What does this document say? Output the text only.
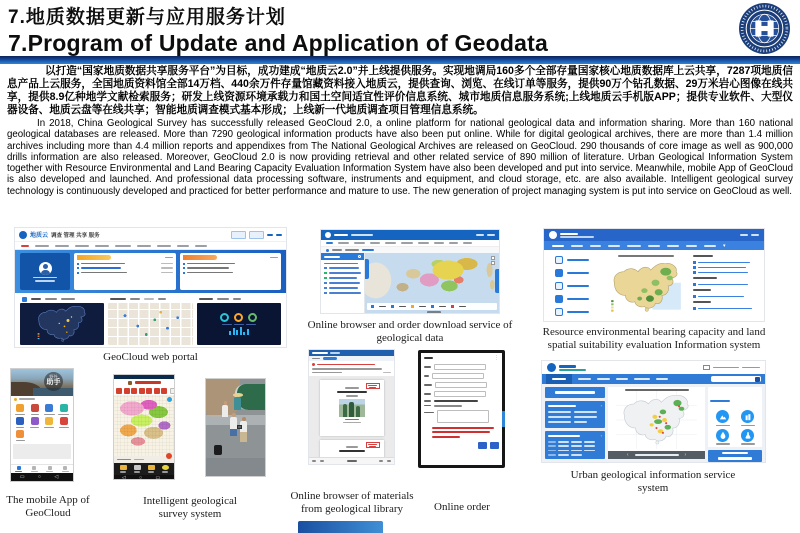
7.地质数据更新与应用服务计划
7.Program of Update and Application of Geodata

以打造“国家地质数据共享服务平台”为目标，成功建成“地质云2.0”并上线提供服务。实现地调局160多个全部存量国家核心地质数据库上云共享，7287项地质信息产品上云服务，全国地质资料馆全部14万档、440余万件存量馆藏资料接入地质云，提供查询、浏览、在线订单等服务，提供90万个钻孔数据、29万米岩心图像在线共享，提供8.9亿种地学文献检索服务；研发上线资源环境承载力和国土空间适宜性评价信息系统、城市地质信息服务系统;上线地质云手机版APP；提供专业软件、大型仪器设备、地质云盘等在线共享；智能地质调查模式基本形成；上线新一代地质调查项目管理信息系统。

In 2018, China Geological Survey has successfully released GeoCloud 2.0, a online platform for national geological data and information sharing. More than 160 national geological databases are released. More than 7290 geological information products have also been put online. While for digital geological archives, there are more than 1.4 million archives including more than 4.4 million reports and appendixes from The National Geological Archives are released on GeoCloud. 290 thousands of core image as well as 900,000 drills information are also released. Moreover, GeoCloud 2.0 is now providing retrieval and other related service of 890 million of literature. Urban Geological Information System together with Resource Environmental and Land Bearing Capacity Evaluation Information System have also been developed and put into service. Meanwhile, mobile App of GeoCloud is also developed and launched. And professional data processing software, instruments and equipment, and cloud storage, etc. are also available. Intelligent geological survey technology is continuously developed and practiced for better performance and mature to use. The new generation of project managing system is put into service on GeoCloud as well.

地质云 调查 管理 共享 服务
GeoCloud web portal
Online browser and order download service of geological data
▾
Resource environmental bearing capacity and land spatial suitability evaluation Information system
野外
助手
▭ ○ ◁
The mobile App of GeoCloud
◁ ○ ▭
Intelligent geological survey system
Online browser of materials from geological library
⋮
Online order
›
›
‹	›
Urban geological information service system
